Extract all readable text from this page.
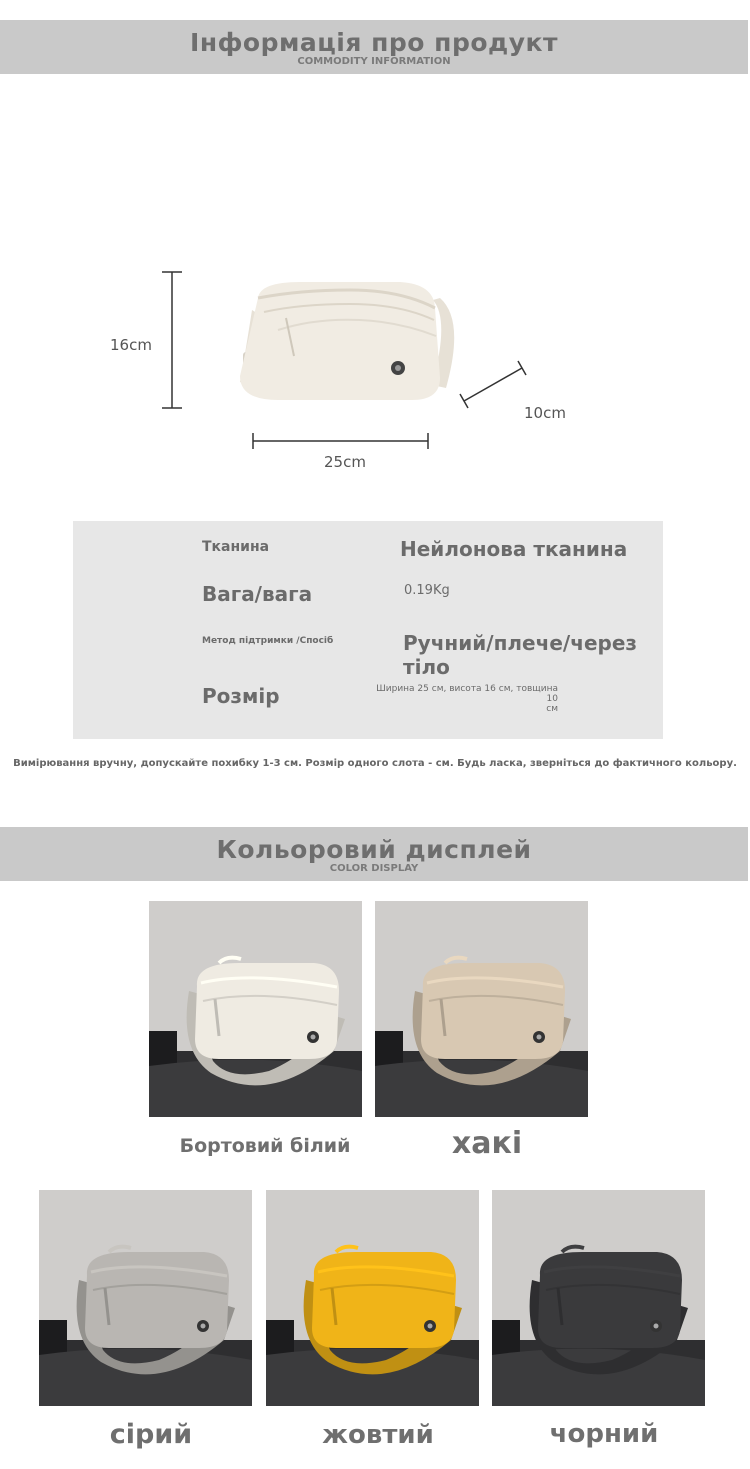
Інформація про продукт
COMMODITY INFORMATION
16cm
10cm
25cm
Тканина	Нейлонова тканина
Вага/вага	0.19Kg
Метод підтримки /Спосіб	Ручний/плече/через тіло
Розмір	Ширина 25 см, висота 16 см, товщина 10
см
Вимірювання вручну, допускайте похибку 1-3 см. Розмір одного слота - см. Будь ласка, зверніться до фактичного кольору.
Кольоровий дисплей
COLOR DISPLAY
Бортовий білий	хакі
сірий	жовтий	чорний
